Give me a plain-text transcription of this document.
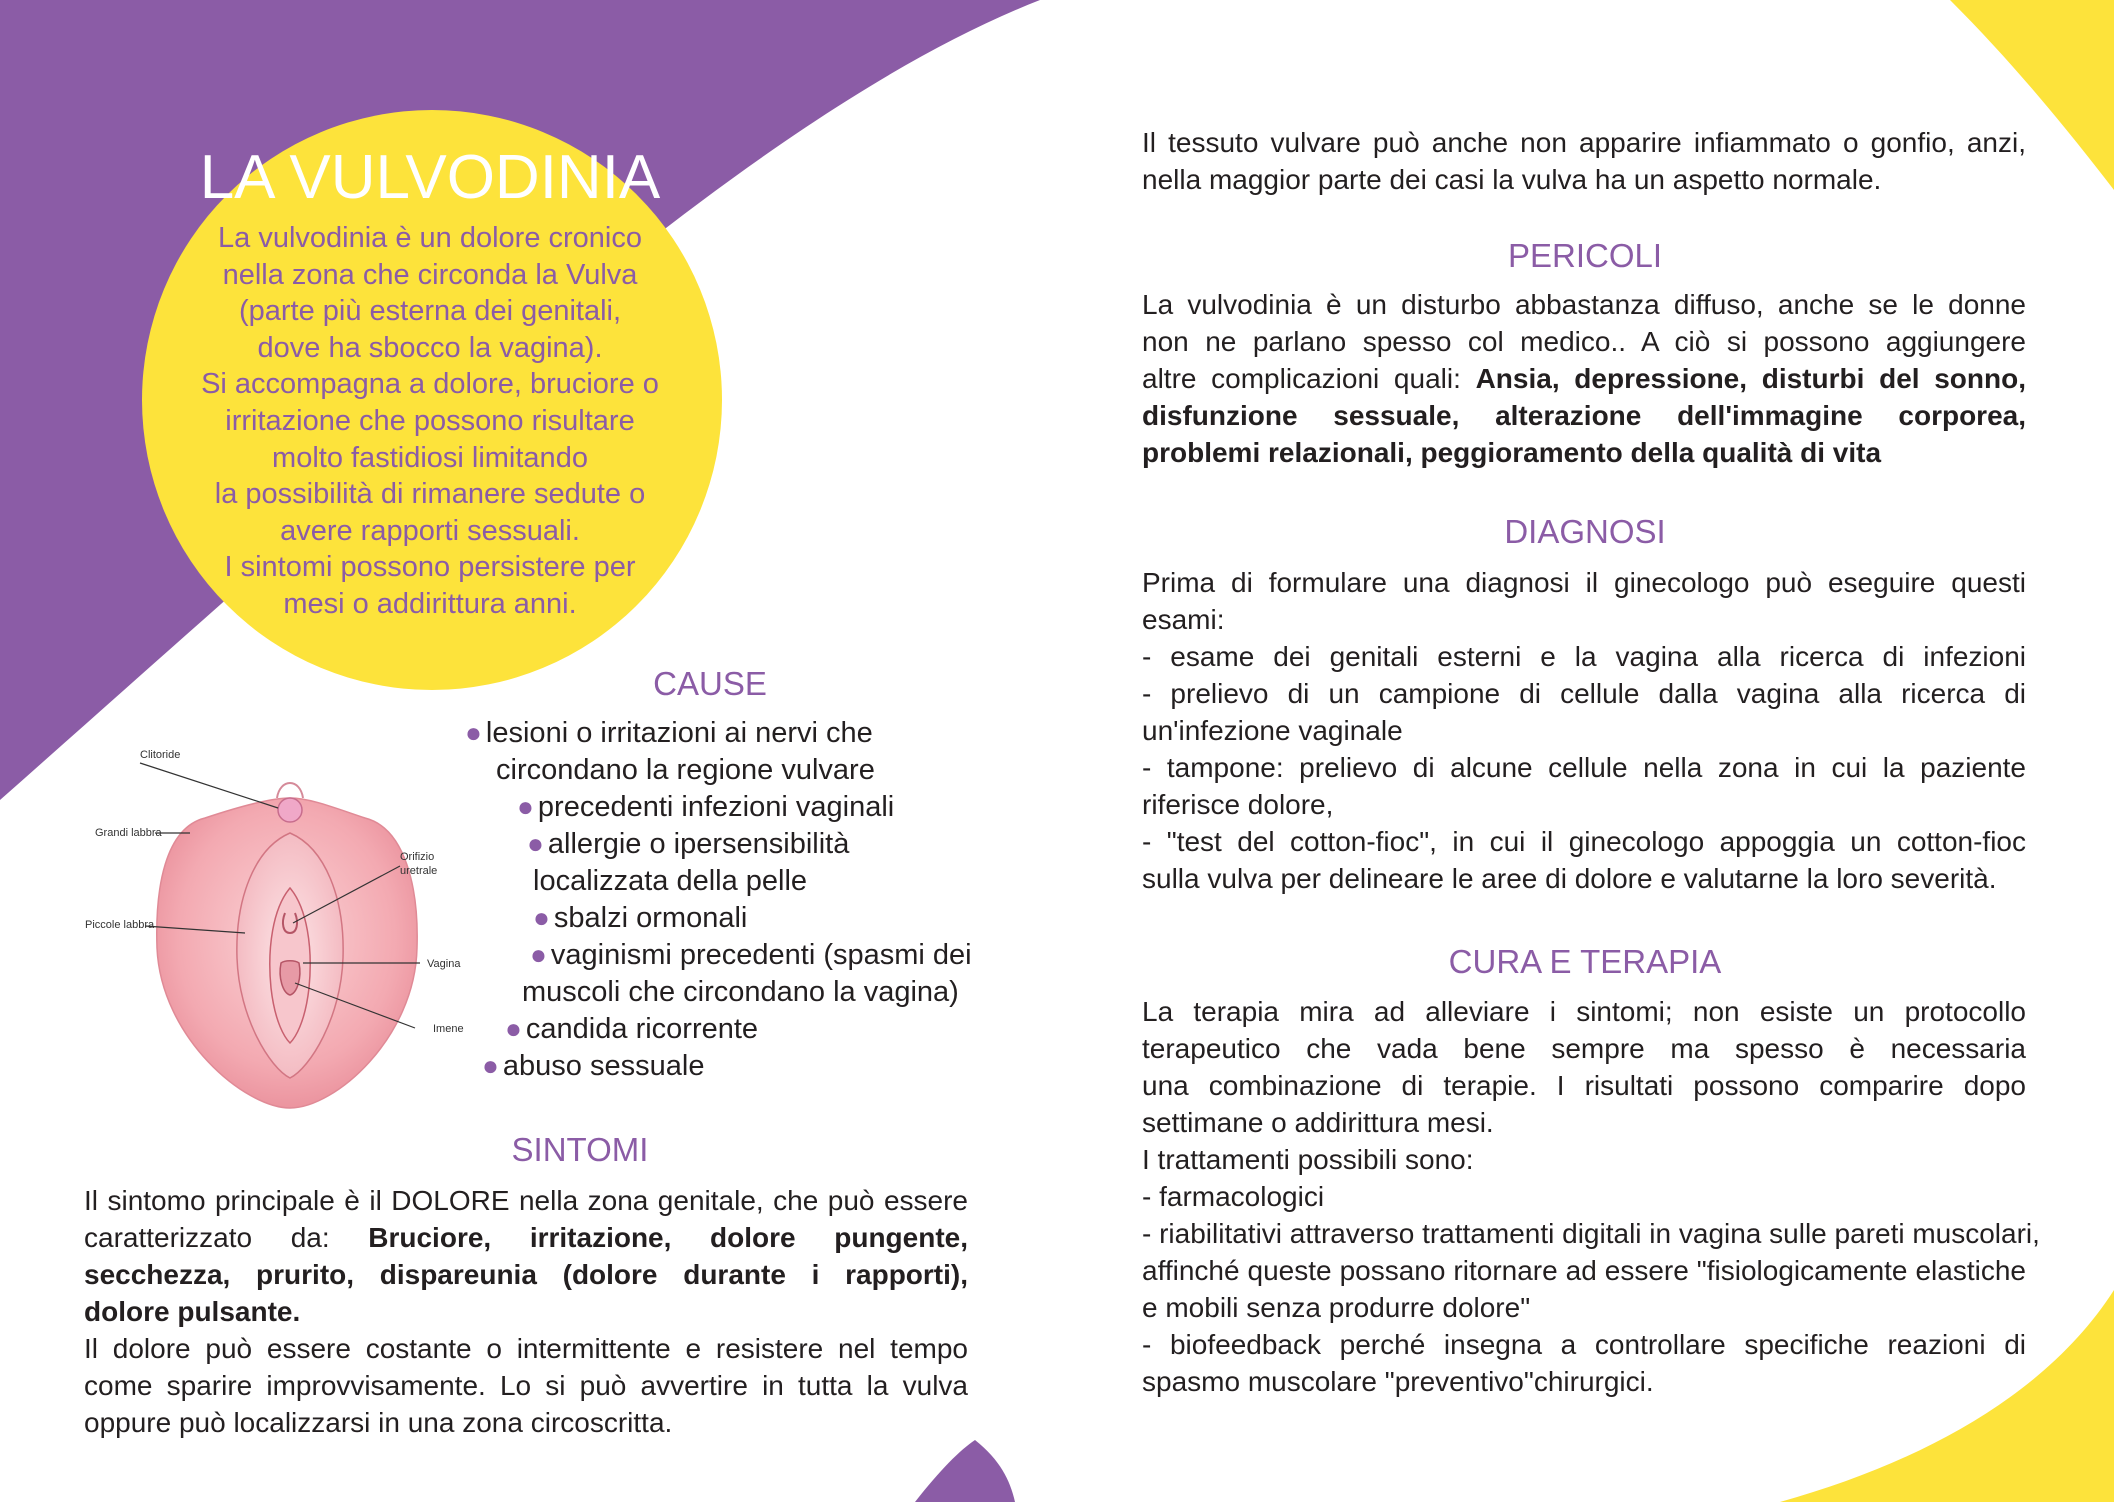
LA VULVODINIA
La vulvodinia è un dolore cronico
nella zona che circonda la Vulva
(parte più esterna dei genitali,
dove ha sbocco la vagina).
Si accompagna a dolore, bruciore o
irritazione che possono risultare
molto fastidiosi limitando
la possibilità di rimanere sedute o
avere rapporti sessuali.
I sintomi possono persistere per
mesi o addirittura anni.
CAUSE
● lesioni o irritazioni ai nervi che
circondano la regione vulvare
● precedenti infezioni vaginali
● allergie o ipersensibilità
localizzata della pelle
● sbalzi ormonali
● vaginismi precedenti (spasmi dei
muscoli che circondano la vagina)
● candida ricorrente
● abuso sessuale
Clitoride
Grandi labbra
Piccole labbra
Orifizio
uretrale
Vagina
Imene
SINTOMI
Il sintomo principale è il DOLORE nella zona genitale, che può essere
caratterizzato da: Bruciore, irritazione, dolore pungente,
secchezza, prurito, dispareunia (dolore durante i rapporti),
dolore pulsante.
Il dolore può essere costante o intermittente e resistere nel tempo
come sparire improvvisamente. Lo si può avvertire in tutta la vulva
oppure può localizzarsi in una zona circoscritta.
Il tessuto vulvare può anche non apparire infiammato o gonfio, anzi,
nella maggior parte dei casi la vulva ha un aspetto normale.
PERICOLI
La vulvodinia è un disturbo abbastanza diffuso, anche se le donne
non ne parlano spesso col medico.. A ciò si possono aggiungere
altre complicazioni quali: Ansia, depressione, disturbi del sonno,
disfunzione sessuale, alterazione dell'immagine corporea,
problemi relazionali, peggioramento della qualità di vita
DIAGNOSI
Prima di formulare una diagnosi il ginecologo può eseguire questi
esami:
- esame dei genitali esterni e la vagina alla ricerca di infezioni
- prelievo di un campione di cellule dalla vagina alla ricerca di
un'infezione vaginale
- tampone: prelievo di alcune cellule nella zona in cui la paziente
riferisce dolore,
- "test del cotton-fioc", in cui il ginecologo appoggia un cotton-fioc
sulla vulva per delineare le aree di dolore e valutarne la loro severità.
CURA E TERAPIA
La terapia mira ad alleviare i sintomi; non esiste un protocollo
terapeutico che vada bene sempre ma spesso è necessaria
una combinazione di terapie. I risultati possono comparire dopo
settimane o addirittura mesi.
I trattamenti possibili sono:
- farmacologici
- riabilitativi attraverso trattamenti digitali in vagina sulle pareti muscolari,
affinché queste possano ritornare ad essere "fisiologicamente elastiche
e mobili senza produrre dolore"
- biofeedback perché insegna a controllare specifiche reazioni di
spasmo muscolare "preventivo"chirurgici.
